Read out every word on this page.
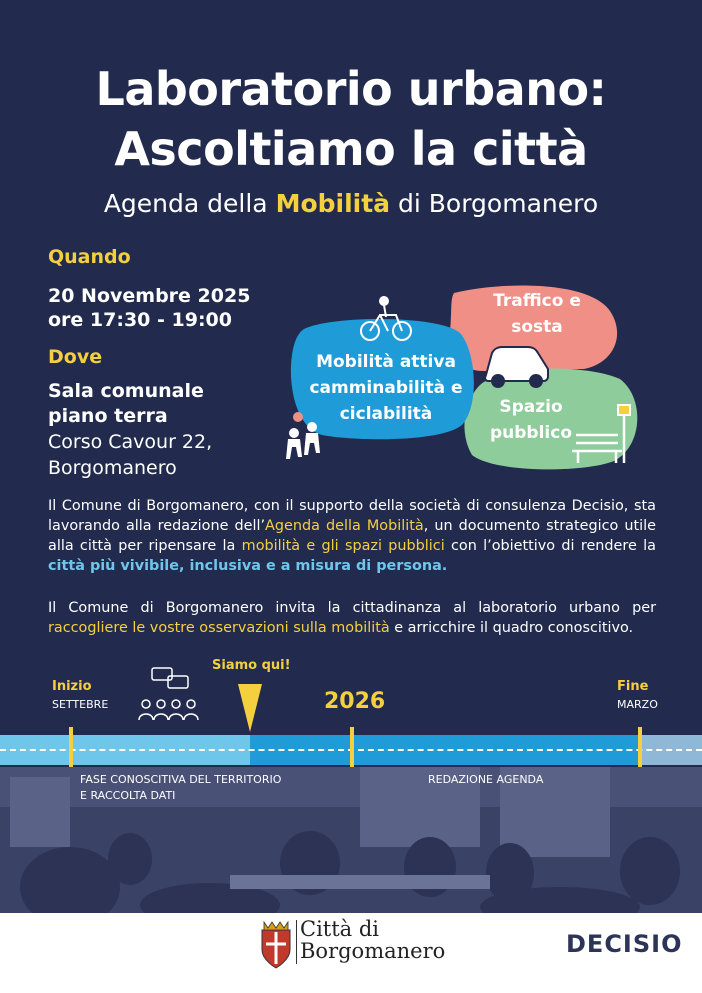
Laboratorio urbano:
Ascoltiamo la città
Agenda della Mobilità di Borgomanero
Quando
20 Novembre 2025
ore 17:30 - 19:00
Dove
Sala comunale
piano terra
Corso Cavour 22,
Borgomanero
Mobilità attiva
camminabilità e
ciclabilità
Traffico e
sosta
Spazio
pubblico
Il Comune di Borgomanero, con il supporto della società di consulenza Decisio, sta lavorando alla redazione dell’Agenda della Mobilità, un documento strategico utile alla città per ripensare la mobilità e gli spazi pubblici con l’obiettivo di rendere la città più vivibile, inclusiva e a misura di persona.
Il Comune di Borgomanero invita la cittadinanza al laboratorio urbano per raccogliere le vostre osservazioni sulla mobilità e arricchire il quadro conoscitivo.
Inizio
SETTEBRE
Siamo qui!
2026
Fine
MARZO
FASE CONOSCITIVA DEL TERRITORIO
E RACCOLTA DATI
REDAZIONE AGENDA
Città di
Borgomanero	DECISIO
